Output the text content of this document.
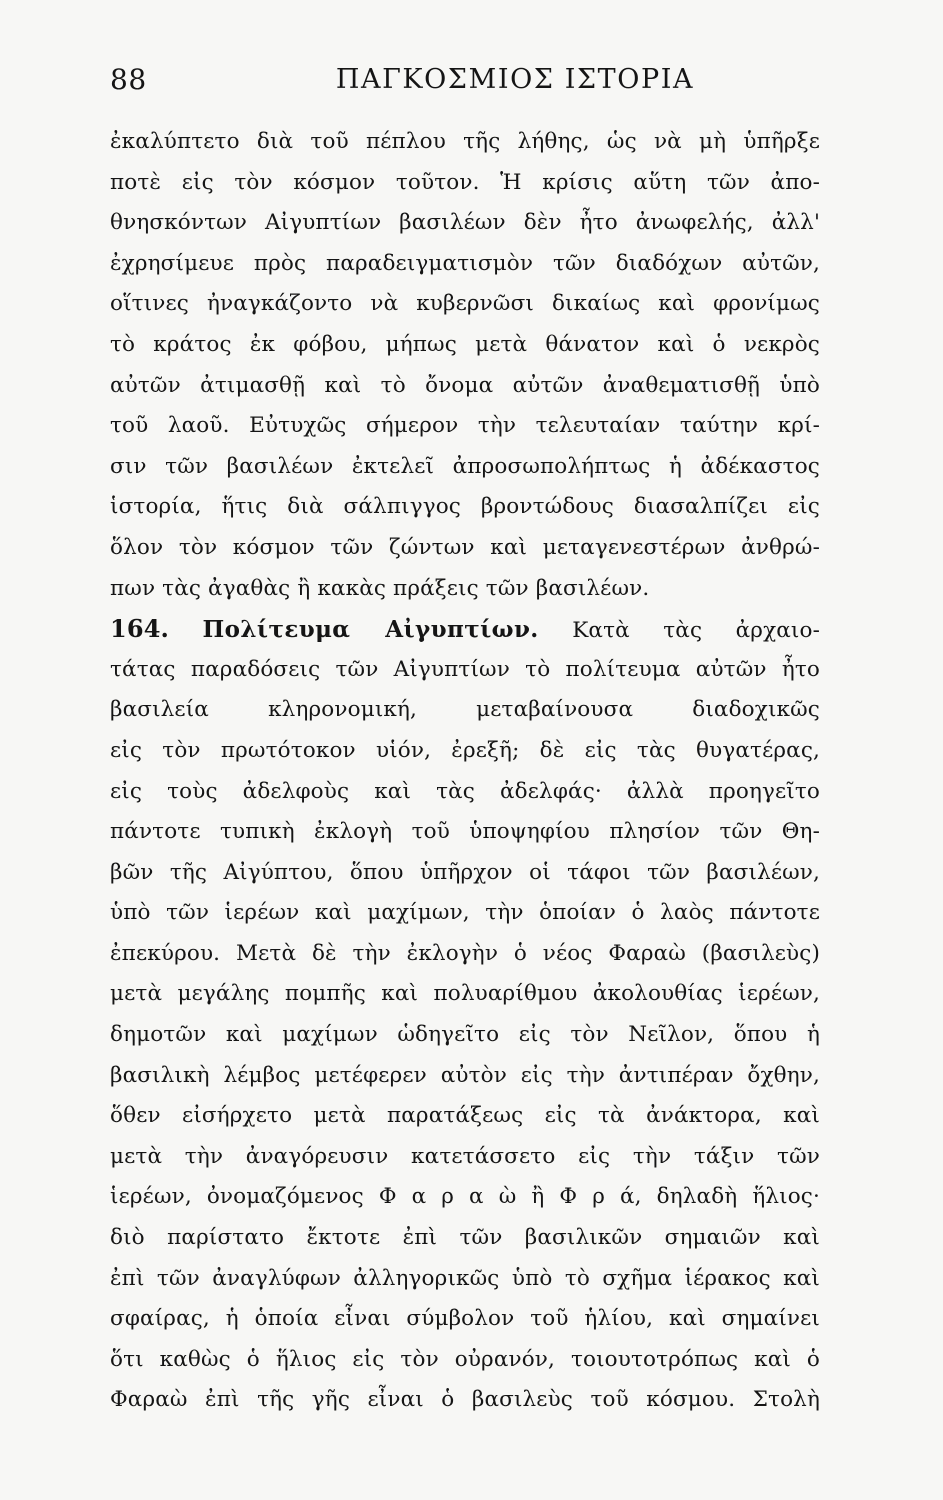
88	ΠΑΓΚΟΣΜΙΟΣ ΙΣΤΟΡΙΑ
ἐκαλύπτετο διὰ τοῦ πέπλου τῆς λήθης, ὡς νὰ μὴ ὑπῆρξε
ποτὲ εἰς τὸν κόσμον τοῦτον. Ἡ κρίσις αὕτη τῶν ἀπο-
θνησκόντων Αἰγυπτίων βασιλέων δὲν ἦτο ἀνωφελής, ἀλλ'
ἐχρησίμευε πρὸς παραδειγματισμὸν τῶν διαδόχων αὐτῶν,
οἵτινες ἠναγκάζοντο νὰ κυβερνῶσι δικαίως καὶ φρονίμως
τὸ κράτος ἐκ φόβου, μήπως μετὰ θάνατον καὶ ὁ νεκρὸς
αὐτῶν ἀτιμασθῇ καὶ τὸ ὄνομα αὐτῶν ἀναθεματισθῇ ὑπὸ
τοῦ λαοῦ. Εὐτυχῶς σήμερον τὴν τελευταίαν ταύτην κρί-
σιν τῶν βασιλέων ἐκτελεῖ ἀπροσωπολήπτως ἡ ἀδέκαστος
ἱστορία, ἥτις διὰ σάλπιγγος βροντώδους διασαλπίζει εἰς
ὅλον τὸν κόσμον τῶν ζώντων καὶ μεταγενεστέρων ἀνθρώ-
πων τὰς ἀγαθὰς ἢ κακὰς πράξεις τῶν βασιλέων.
164. Πολίτευμα Αἰγυπτίων. Κατὰ τὰς ἀρχαιο-
τάτας παραδόσεις τῶν Αἰγυπτίων τὸ πολίτευμα αὐτῶν ἦτο
βασιλεία κληρονομική, μεταβαίνουσα διαδοχικῶς
εἰς τὸν πρωτότοκον υἱόν, ἐρεξῆ; δὲ εἰς τὰς θυγατέρας,
εἰς τοὺς ἀδελφοὺς καὶ τὰς ἀδελφάς· ἀλλὰ προηγεῖτο
πάντοτε τυπικὴ ἐκλογὴ τοῦ ὑποψηφίου πλησίον τῶν Θη-
βῶν τῆς Αἰγύπτου, ὅπου ὑπῆρχον οἱ τάφοι τῶν βασιλέων,
ὑπὸ τῶν ἱερέων καὶ μαχίμων, τὴν ὁποίαν ὁ λαὸς πάντοτε
ἐπεκύρου. Μετὰ δὲ τὴν ἐκλογὴν ὁ νέος Φαραὼ (βασιλεὺς)
μετὰ μεγάλης πομπῆς καὶ πολυαρίθμου ἀκολουθίας ἱερέων,
δημοτῶν καὶ μαχίμων ὡδηγεῖτο εἰς τὸν Νεῖλον, ὅπου ἡ
βασιλικὴ λέμβος μετέφερεν αὐτὸν εἰς τὴν ἀντιπέραν ὄχθην,
ὅθεν εἰσήρχετο μετὰ παρατάξεως εἰς τὰ ἀνάκτορα, καὶ
μετὰ τὴν ἀναγόρευσιν κατετάσσετο εἰς τὴν τάξιν τῶν
ἱερέων, ὀνομαζόμενος Φ α ρ α ὼ ἢ Φ ρ ά, δηλαδὴ ἥλιος·
διὸ παρίστατο ἔκτοτε ἐπὶ τῶν βασιλικῶν σημαιῶν καὶ
ἐπὶ τῶν ἀναγλύφων ἀλληγορικῶς ὑπὸ τὸ σχῆμα ἱέρακος καὶ
σφαίρας, ἡ ὁποία εἶναι σύμβολον τοῦ ἡλίου, καὶ σημαίνει
ὅτι καθὼς ὁ ἥλιος εἰς τὸν οὐρανόν, τοιουτοτρόπως καὶ ὁ
Φαραὼ ἐπὶ τῆς γῆς εἶναι ὁ βασιλεὺς τοῦ κόσμου. Στολὴ
